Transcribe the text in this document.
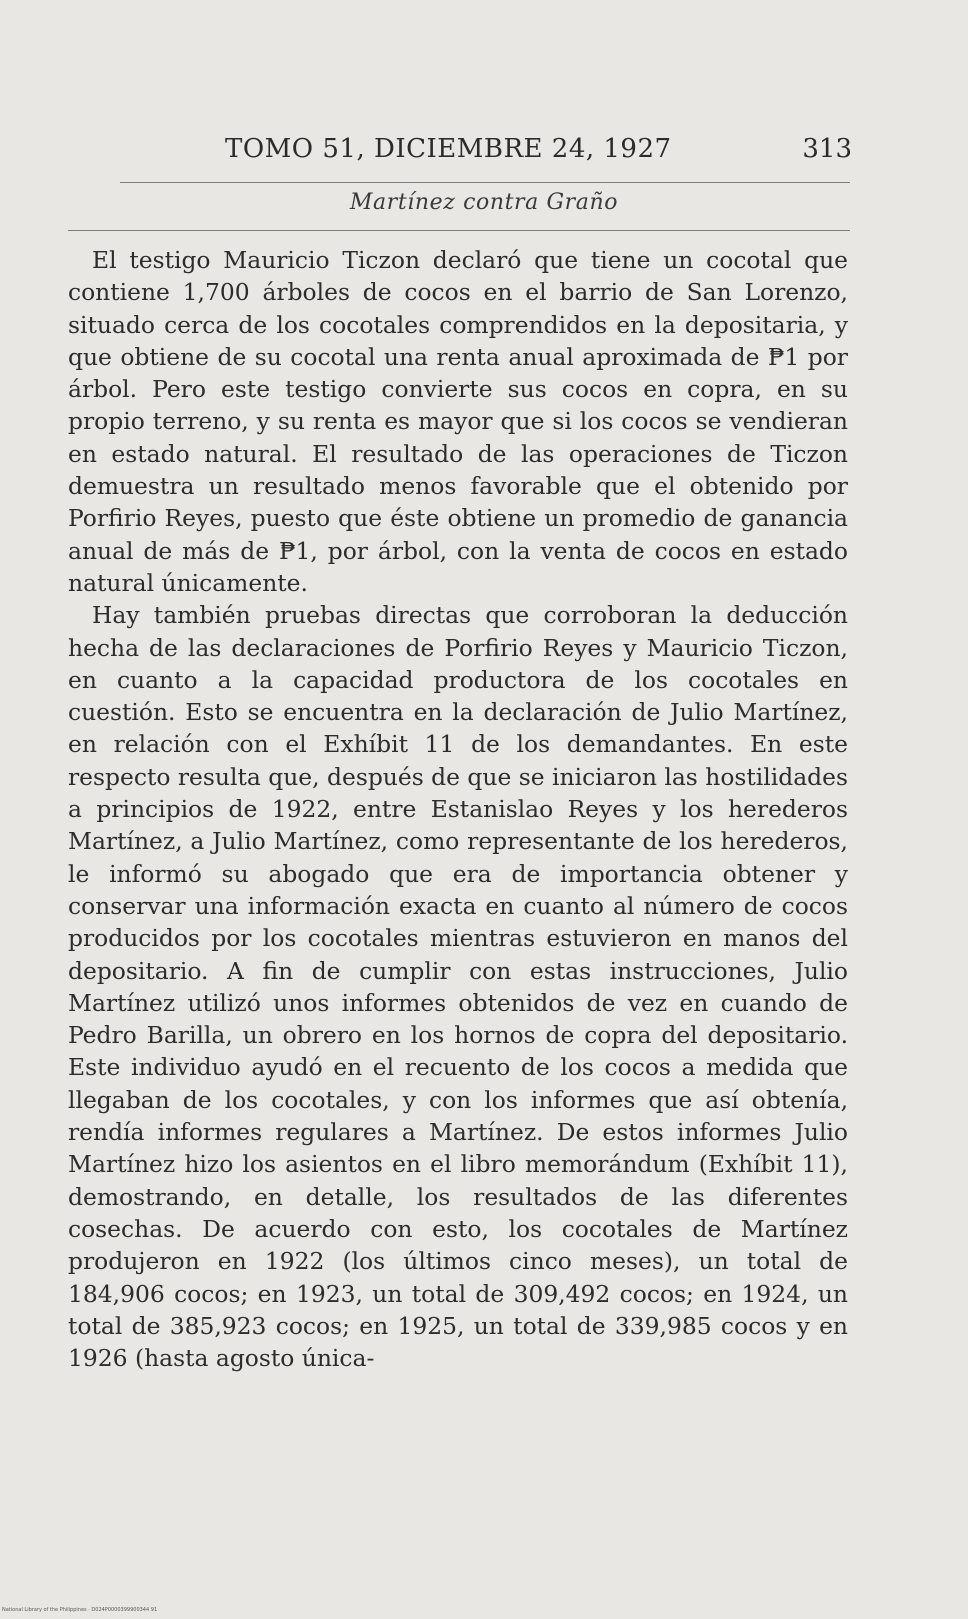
TOMO 51, DICIEMBRE 24, 1927	313
Martínez contra Graño

El testigo Mauricio Ticzon declaró que tiene un cocotal que contiene 1,700 árboles de cocos en el barrio de San Lorenzo, situado cerca de los cocotales comprendidos en la depositaria, y que obtiene de su cocotal una renta anual aproximada de ₱1 por árbol. Pero este testigo convierte sus cocos en copra, en su propio terreno, y su renta es mayor que si los cocos se vendieran en estado natural. El resultado de las operaciones de Ticzon demuestra un resultado menos favorable que el obtenido por Porfirio Reyes, puesto que éste obtiene un promedio de ganancia anual de más de ₱1, por árbol, con la venta de cocos en estado natural únicamente.

Hay también pruebas directas que corroboran la deducción hecha de las declaraciones de Porfirio Reyes y Mauricio Ticzon, en cuanto a la capacidad productora de los cocotales en cuestión. Esto se encuentra en la declaración de Julio Martínez, en relación con el Exhíbit 11 de los demandantes. En este respecto resulta que, después de que se iniciaron las hostilidades a principios de 1922, entre Estanislao Reyes y los herederos Martínez, a Julio Martínez, como representante de los herederos, le informó su abogado que era de importancia obtener y conservar una información exacta en cuanto al número de cocos producidos por los cocotales mientras estuvieron en manos del depositario. A fin de cumplir con estas instrucciones, Julio Martínez utilizó unos informes obtenidos de vez en cuando de Pedro Barilla, un obrero en los hornos de copra del depositario. Este individuo ayudó en el recuento de los cocos a medida que llegaban de los cocotales, y con los informes que así obtenía, rendía informes regulares a Martínez. De estos informes Julio Martínez hizo los asientos en el libro memorándum (Exhíbit 11), demostrando, en detalle, los resultados de las diferentes cosechas. De acuerdo con esto, los cocotales de Martínez produjeron en 1922 (los últimos cinco meses), un total de 184,906 cocos; en 1923, un total de 309,492 cocos; en 1924, un total de 385,923 cocos; en 1925, un total de 339,985 cocos y en 1926 (hasta agosto única-

National Library of the Philippines · D024P0000399900344 91
